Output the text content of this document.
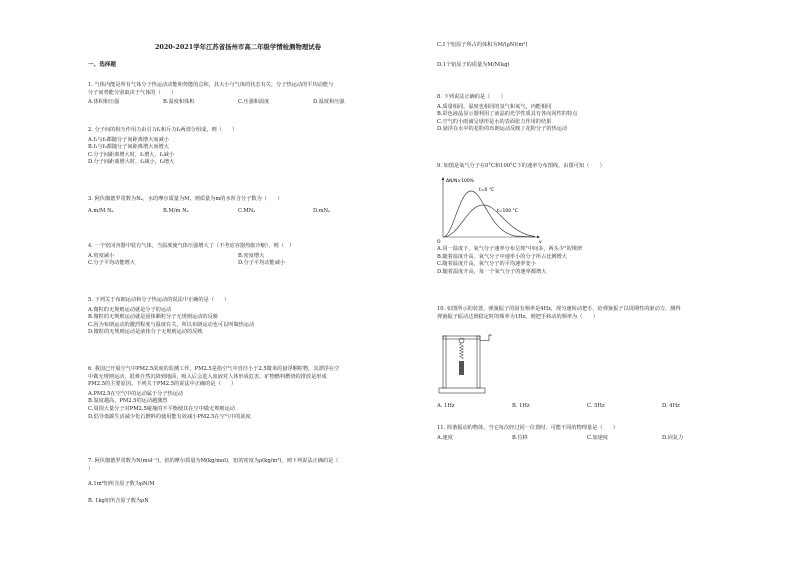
2020-2021学年江苏省扬州市高二年级学情检测物理试卷
一、选择题
1. 气体内能是所有气体分子热运动动能和势能的总和，其大小与气体的状态有关，分子热运动的平均动能与
分子间势能分别取决于气体的（　　）
A.体积和压强	B.温度和体积	C.压强和温度	D.温度和压强
2. 分子间的相互作用力由引力f₁和斥力f₂两部分组成，则（　　）
A.f₁与f₂都随分子间距离增大而减小
B.f₁与f₂都随分子间距离增大而增大
C.分子间距离增大时，f₁增大，f₂减小
D.分子间距离增大时，f₁减小，f₂增大
3. 阿伏伽德罗常数为Nₐ，水的摩尔质量为M，则质量为m的水所含分子数为（　　）
A.m/M Nₐ	B.M/m Nₐ	C.MNₐ	D.mNₐ
4. 一个密闭容器中装有气体，当温度使气体压强增大了（不考虑容器热胀冷缩），则（　）
A.密度减小	B.密度增大
C.分子平均动能增大	D.分子平均动能减小
5. 下列关于布朗运动和分子热运动的说法中正确的是（　　）
A.微粒的无规则运动就是分子的运动
B.微粒的无规则运动就是固体颗粒分子无规则运动的反映
C.因为布朗运动的激烈程度与温度有关，所以布朗运动也可以叫做热运动
D.微粒的无规则运动是液体分子无规则运动的反映
6. 我国已开展空气中PM2.5浓度的监测工作，PM2.5是指空气中直径小于2.5微米的悬浮颗粒物，其漂浮在空
中做无规则运动，很难自然沉降到地面，吸入后会进入血液对人体形成危害。矿物燃料燃烧的排放是形成
PM2.5的主要原因。下列关于PM2.5的说法中正确的是（　　）
A.PM2.5在空气中的运动属于分子热运动
B.温度越高，PM2.5的运动越激烈
C.周围大量分子对PM2.5碰撞的不平衡使其在空中做无规则运动
D.倡导低碳生活减少化石燃料的使用能有效减小PM2.5在空气中的浓度
7. 阿伏伽德罗常数为N(mol⁻¹)，铝的摩尔质量为M(kg/mol)，铝的密度为ρ(kg/m³)，则下列说法正确的是（
）
A.1m³铝所含原子数为ρN/M
B. 1kg铝所含原子数为ρN
C.1个铝原子所占的体积为M/(ρN)(m³)
D.1个铝原子的质量为M/N(kg)
8. 下列说法正确的是（　　）
A.质量相同、温度也相同的氢气和氧气，内能相同
B.彩色液晶显示器利用了液晶的光学性质具有各向同性的特点
C.空气的小雨滴呈球形是水的表面张力作用的结果
D.悬浮在水中的花粉的布朗运动反映了花粉分子的热运动
9. 如图是氧气分子在0°C和100°C下的速率分布图线，由图可知（　　）
ΔN/N×100%
t=0 °C
t=100 °C
v
O
A.同一温度下，氧气分子速率分布呈现"中间多，两头少"的规律
B.随着温度升高，氧气分子中速率小的分子所占比例增大
C.随着温度升高，氧气分子的平均速率变小
D.随着温度升高，每一个氧气分子的速率都增大
10. 如图所示的装置，弹簧振子的固有频率是4Hz，现匀速转动把手，给弹簧振子以周期性的驱动力，测得
弹簧振子振动达到稳定时的频率为1Hz，则把手转动的频率为（　　）
A. 1Hz	B. 1Hz	C. 5Hz	D. 4Hz
11. 简谐振动的物体，当它每次经过同一位置时，可能不同的物理量是（　　）
A.速度	B.位移	C.加速度	D.回复力
